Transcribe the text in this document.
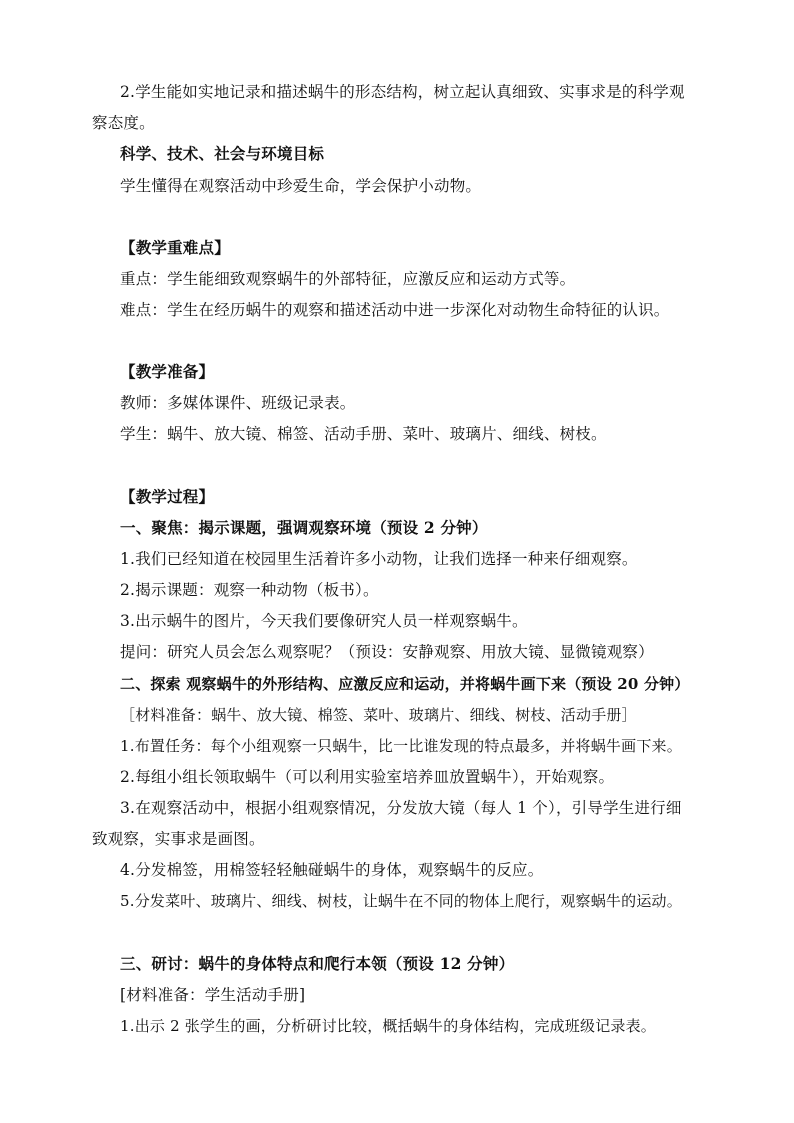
2.学生能如实地记录和描述蜗牛的形态结构，树立起认真细致、实事求是的科学观
察态度。
科学、技术、社会与环境目标
学生懂得在观察活动中珍爱生命，学会保护小动物。
【教学重难点】
重点：学生能细致观察蜗牛的外部特征，应激反应和运动方式等。
难点：学生在经历蜗牛的观察和描述活动中进一步深化对动物生命特征的认识。
【教学准备】
教师：多媒体课件、班级记录表。
学生：蜗牛、放大镜、棉签、活动手册、菜叶、玻璃片、细线、树枝。
【教学过程】
一、聚焦：揭示课题，强调观察环境（预设 2 分钟）
1.我们已经知道在校园里生活着许多小动物，让我们选择一种来仔细观察。
2.揭示课题：观察一种动物（板书）。
3.出示蜗牛的图片，今天我们要像研究人员一样观察蜗牛。
提问：研究人员会怎么观察呢？（预设：安静观察、用放大镜、显微镜观察）
二、探索 观察蜗牛的外形结构、应激反应和运动，并将蜗牛画下来（预设 20 分钟）
［材料准备：蜗牛、放大镜、棉签、菜叶、玻璃片、细线、树枝、活动手册］
1.布置任务：每个小组观察一只蜗牛，比一比谁发现的特点最多，并将蜗牛画下来。
2.每组小组长领取蜗牛（可以利用实验室培养皿放置蜗牛），开始观察。
3.在观察活动中，根据小组观察情况，分发放大镜（每人 1 个），引导学生进行细
致观察，实事求是画图。
4.分发棉签，用棉签轻轻触碰蜗牛的身体，观察蜗牛的反应。
5.分发菜叶、玻璃片、细线、树枝，让蜗牛在不同的物体上爬行，观察蜗牛的运动。
三、研讨：蜗牛的身体特点和爬行本领（预设 12 分钟）
[材料准备：学生活动手册]
1.出示 2 张学生的画，分析研讨比较，概括蜗牛的身体结构，完成班级记录表。
